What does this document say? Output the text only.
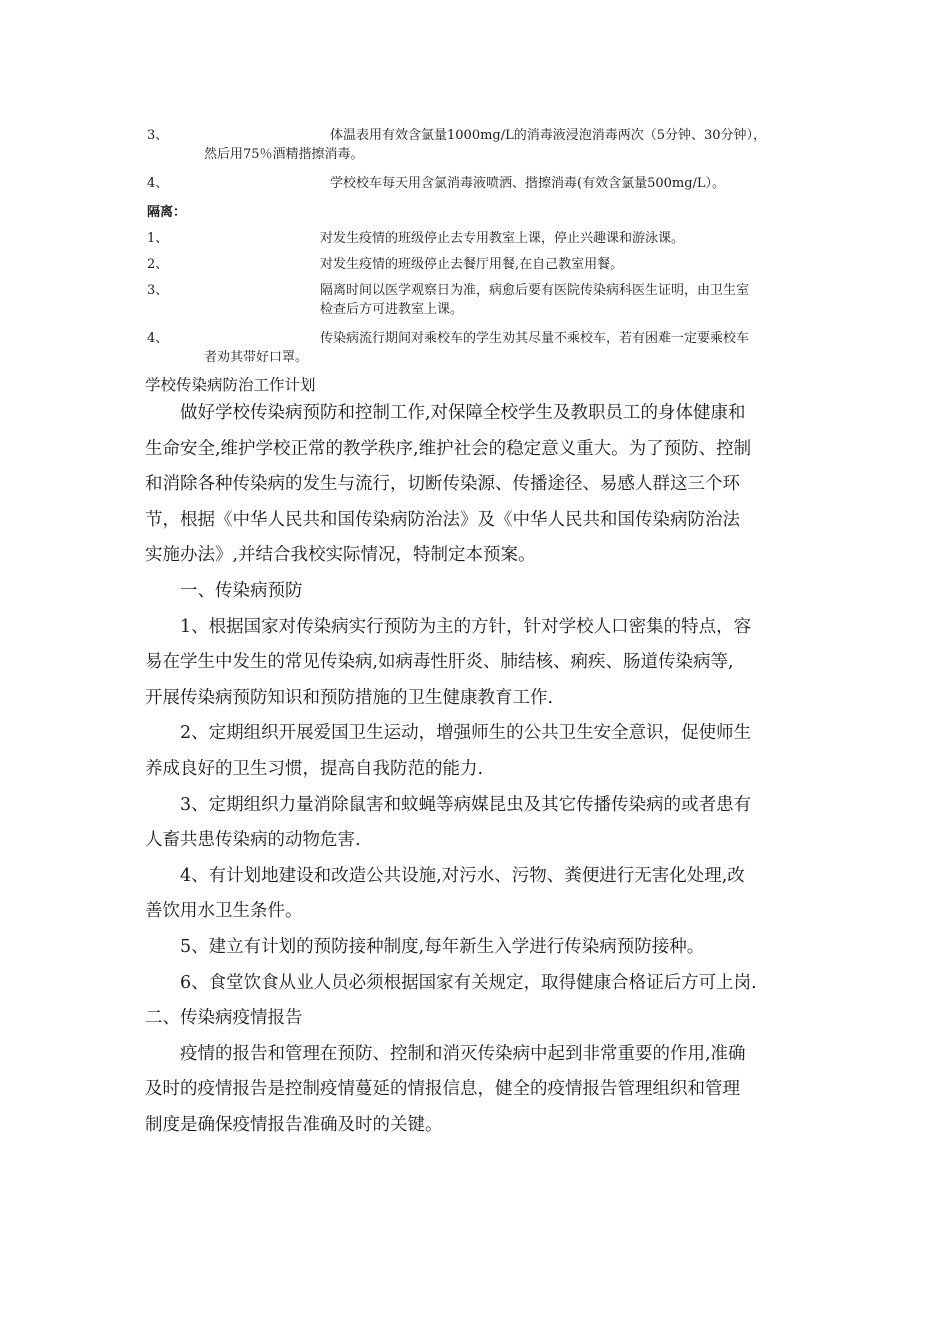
3、	体温表用有效含氯量1000mg/L的消毒液浸泡消毒两次（5分钟、30分钟），
然后用75％酒精揩擦消毒。
4、	学校校车每天用含氯消毒液喷洒、揩擦消毒(有效含氯量500mg/L）。
隔离：
1、	对发生疫情的班级停止去专用教室上课，停止兴趣课和游泳课。
2、	对发生疫情的班级停止去餐厅用餐,在自己教室用餐。
3、	隔离时间以医学观察日为准，病愈后要有医院传染病科医生证明，由卫生室
检查后方可进教室上课。
4、	传染病流行期间对乘校车的学生劝其尽量不乘校车，若有困难一定要乘校车
者劝其带好口罩。
学校传染病防治工作计划

做好学校传染病预防和控制工作,对保障全校学生及教职员工的身体健康和

生命安全,维护学校正常的教学秩序,维护社会的稳定意义重大。为了预防、控制

和消除各种传染病的发生与流行，切断传染源、传播途径、易感人群这三个环

节，根据《中华人民共和国传染病防治法》及《中华人民共和国传染病防治法

实施办法》,并结合我校实际情况，特制定本预案。

一、传染病预防

1、根据国家对传染病实行预防为主的方针，针对学校人口密集的特点，容

易在学生中发生的常见传染病,如病毒性肝炎、肺结核、痢疾、肠道传染病等,

开展传染病预防知识和预防措施的卫生健康教育工作.

2、定期组织开展爱国卫生运动，增强师生的公共卫生安全意识，促使师生

养成良好的卫生习惯，提高自我防范的能力.

3、定期组织力量消除鼠害和蚊蝇等病媒昆虫及其它传播传染病的或者患有

人畜共患传染病的动物危害.

4、有计划地建设和改造公共设施,对污水、污物、粪便进行无害化处理,改

善饮用水卫生条件。

5、建立有计划的预防接种制度,每年新生入学进行传染病预防接种。

6、食堂饮食从业人员必须根据国家有关规定，取得健康合格证后方可上岗.

二、传染病疫情报告

疫情的报告和管理在预防、控制和消灭传染病中起到非常重要的作用,准确

及时的疫情报告是控制疫情蔓延的情报信息，健全的疫情报告管理组织和管理

制度是确保疫情报告准确及时的关键。
